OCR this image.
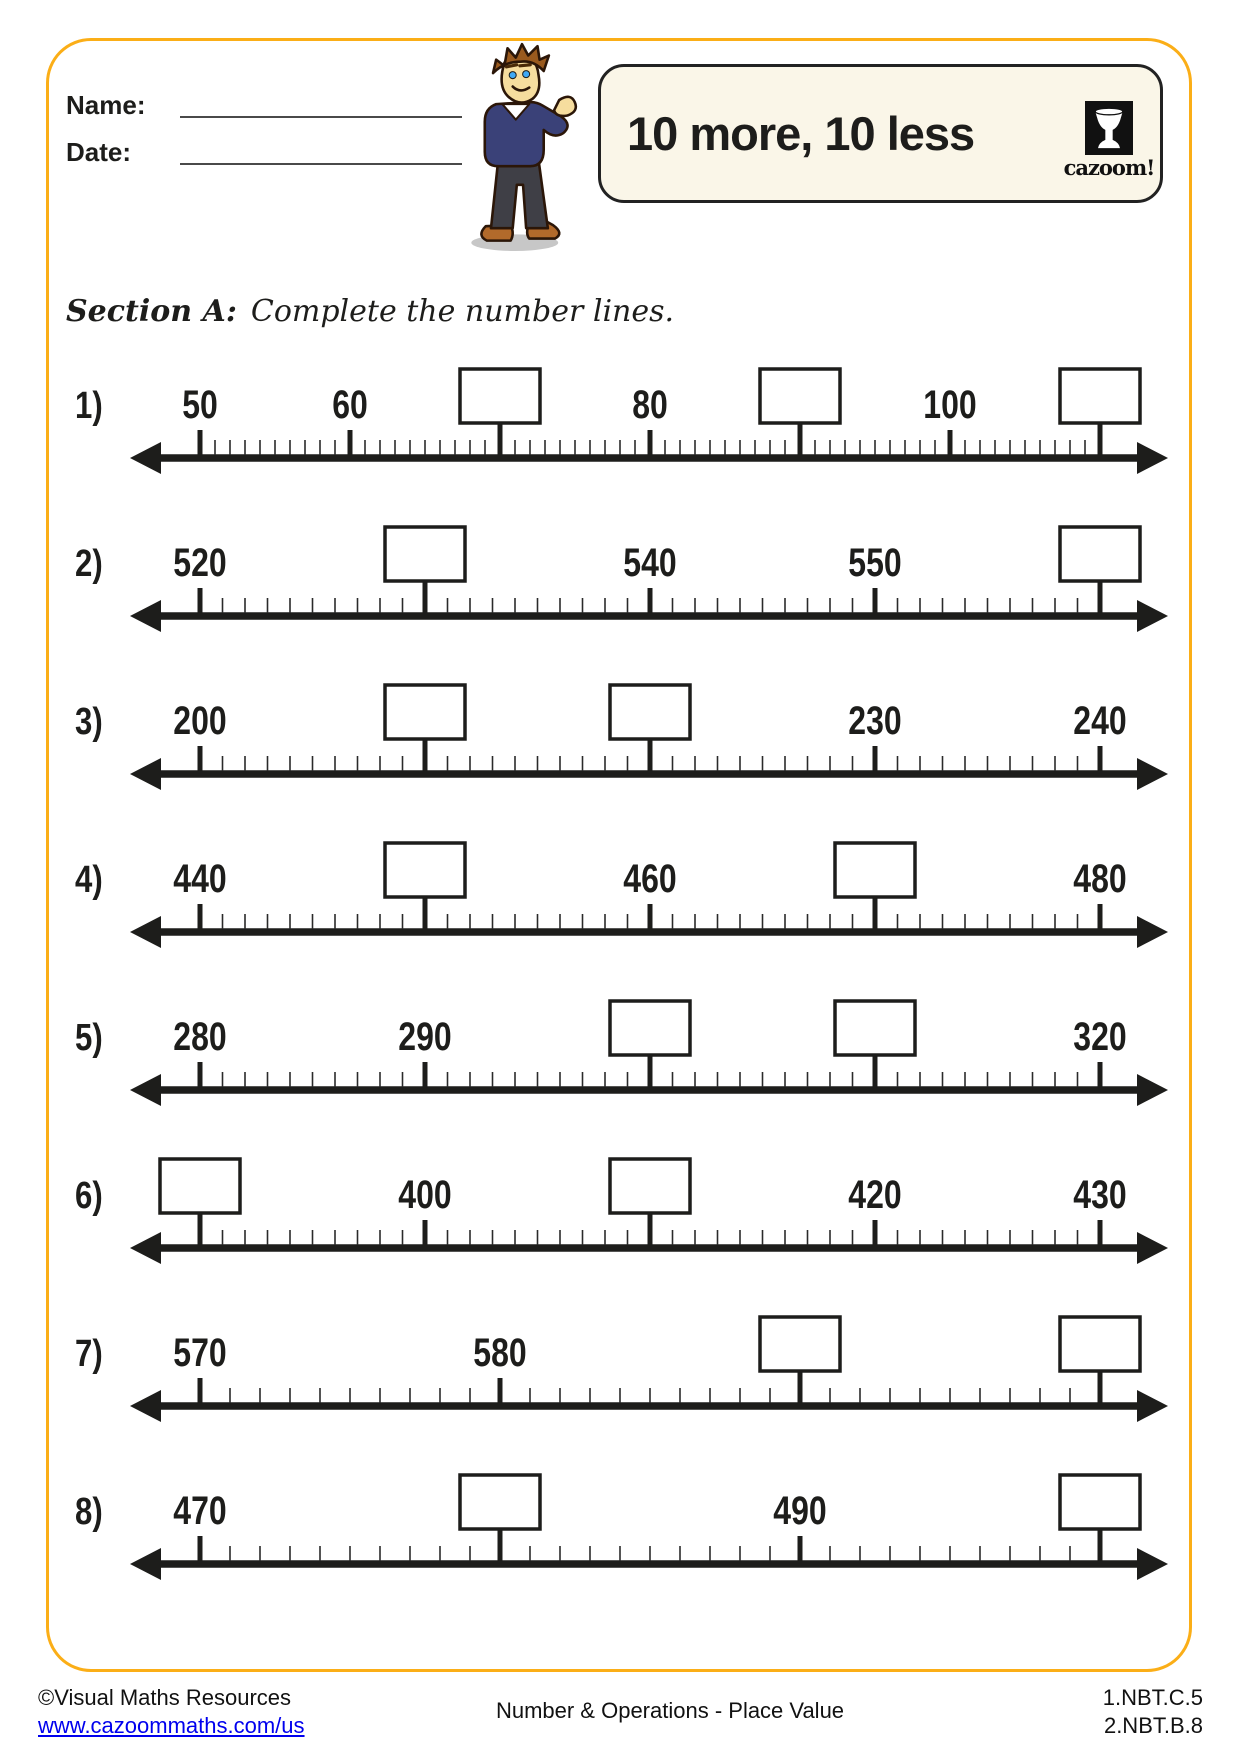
Name:
Date:	10 more, 10 less
cazoom!
Section A: Complete the number lines.
1) 50	60	80	100
2) 520	540	550
3) 200	230	240
4) 440	460	480
5) 280	290	320
6)	400	420	430
7) 570	580
8) 470	490
©Visual Maths Resources
www.cazoommaths.com/us
Number & Operations - Place Value
1.NBT.C.5
2.NBT.B.8
